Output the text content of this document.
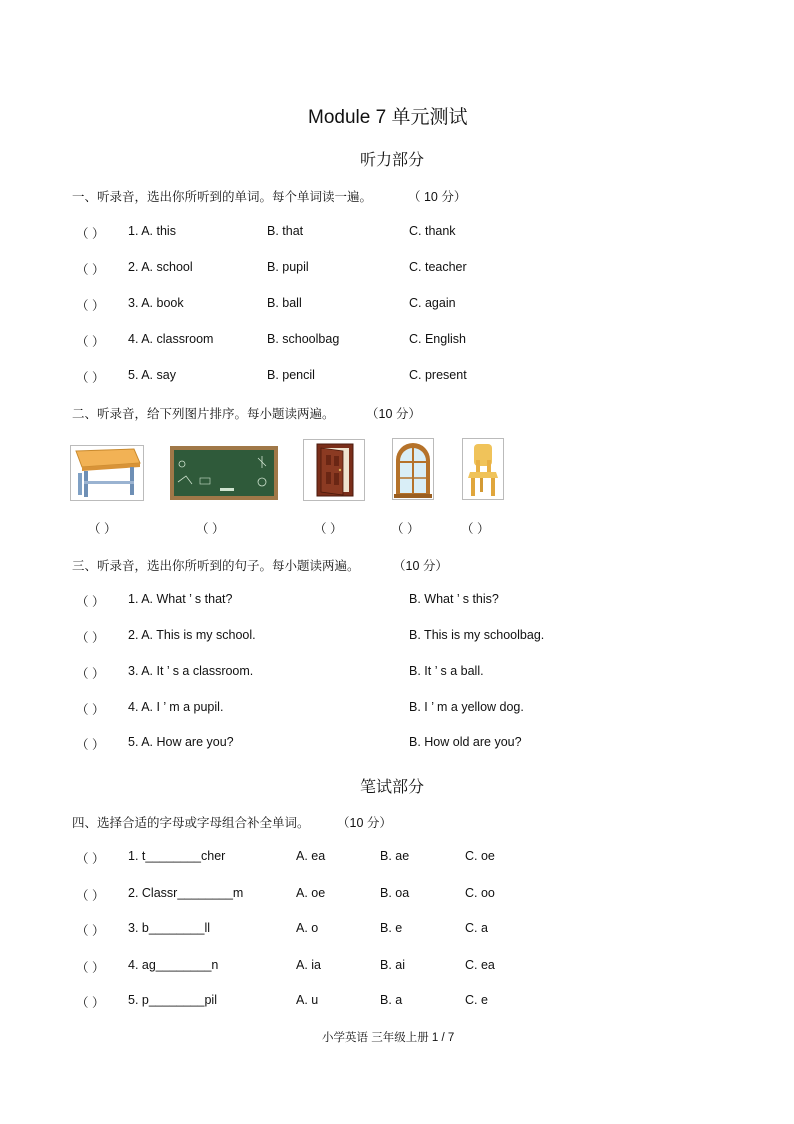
Module 7 单元测试
听力部分
一、听录音，选出你所听到的单词。每个单词读一遍。	（ 10 分）
（ ） 1. A. this	B. that	C. thank
（ ） 2. A. school	B. pupil	C. teacher
（ ） 3. A. book	B. ball	C. again
（ ） 4. A. classroom	B. schoolbag	C. English
（ ） 5. A. say	B. pencil	C. present
二、听录音，给下列图片排序。每小题读两遍。	（10 分）
（ ）	（ ）	（ ）	（ ）	（ ）
三、听录音，选出你所听到的句子。每小题读两遍。	（10 分）
（ ） 1. A. What ’ s that?	B. What ’ s this?
（ ） 2. A. This is my school.	B. This is my schoolbag.
（ ） 3. A. It ’ s a classroom.	B. It ’ s a ball.
（ ） 4. A. I ’ m a pupil.	B. I ’ m a yellow dog.
（ ） 5. A. How are you?	B. How old are you?
笔试部分
四、选择合适的字母或字母组合补全单词。 （10 分）
（ ） 1. t________cher	A. ea	B. ae	C. oe
（ ） 2. Classr________m	A. oe	B. oa	C. oo
（ ） 3. b________ll	A. o	B. e	C. a
（ ） 4. ag________n	A. ia	B. ai	C. ea
（ ） 5. p________pil	A. u	B. a	C. e
小学英语 三年级上册 1 / 7
